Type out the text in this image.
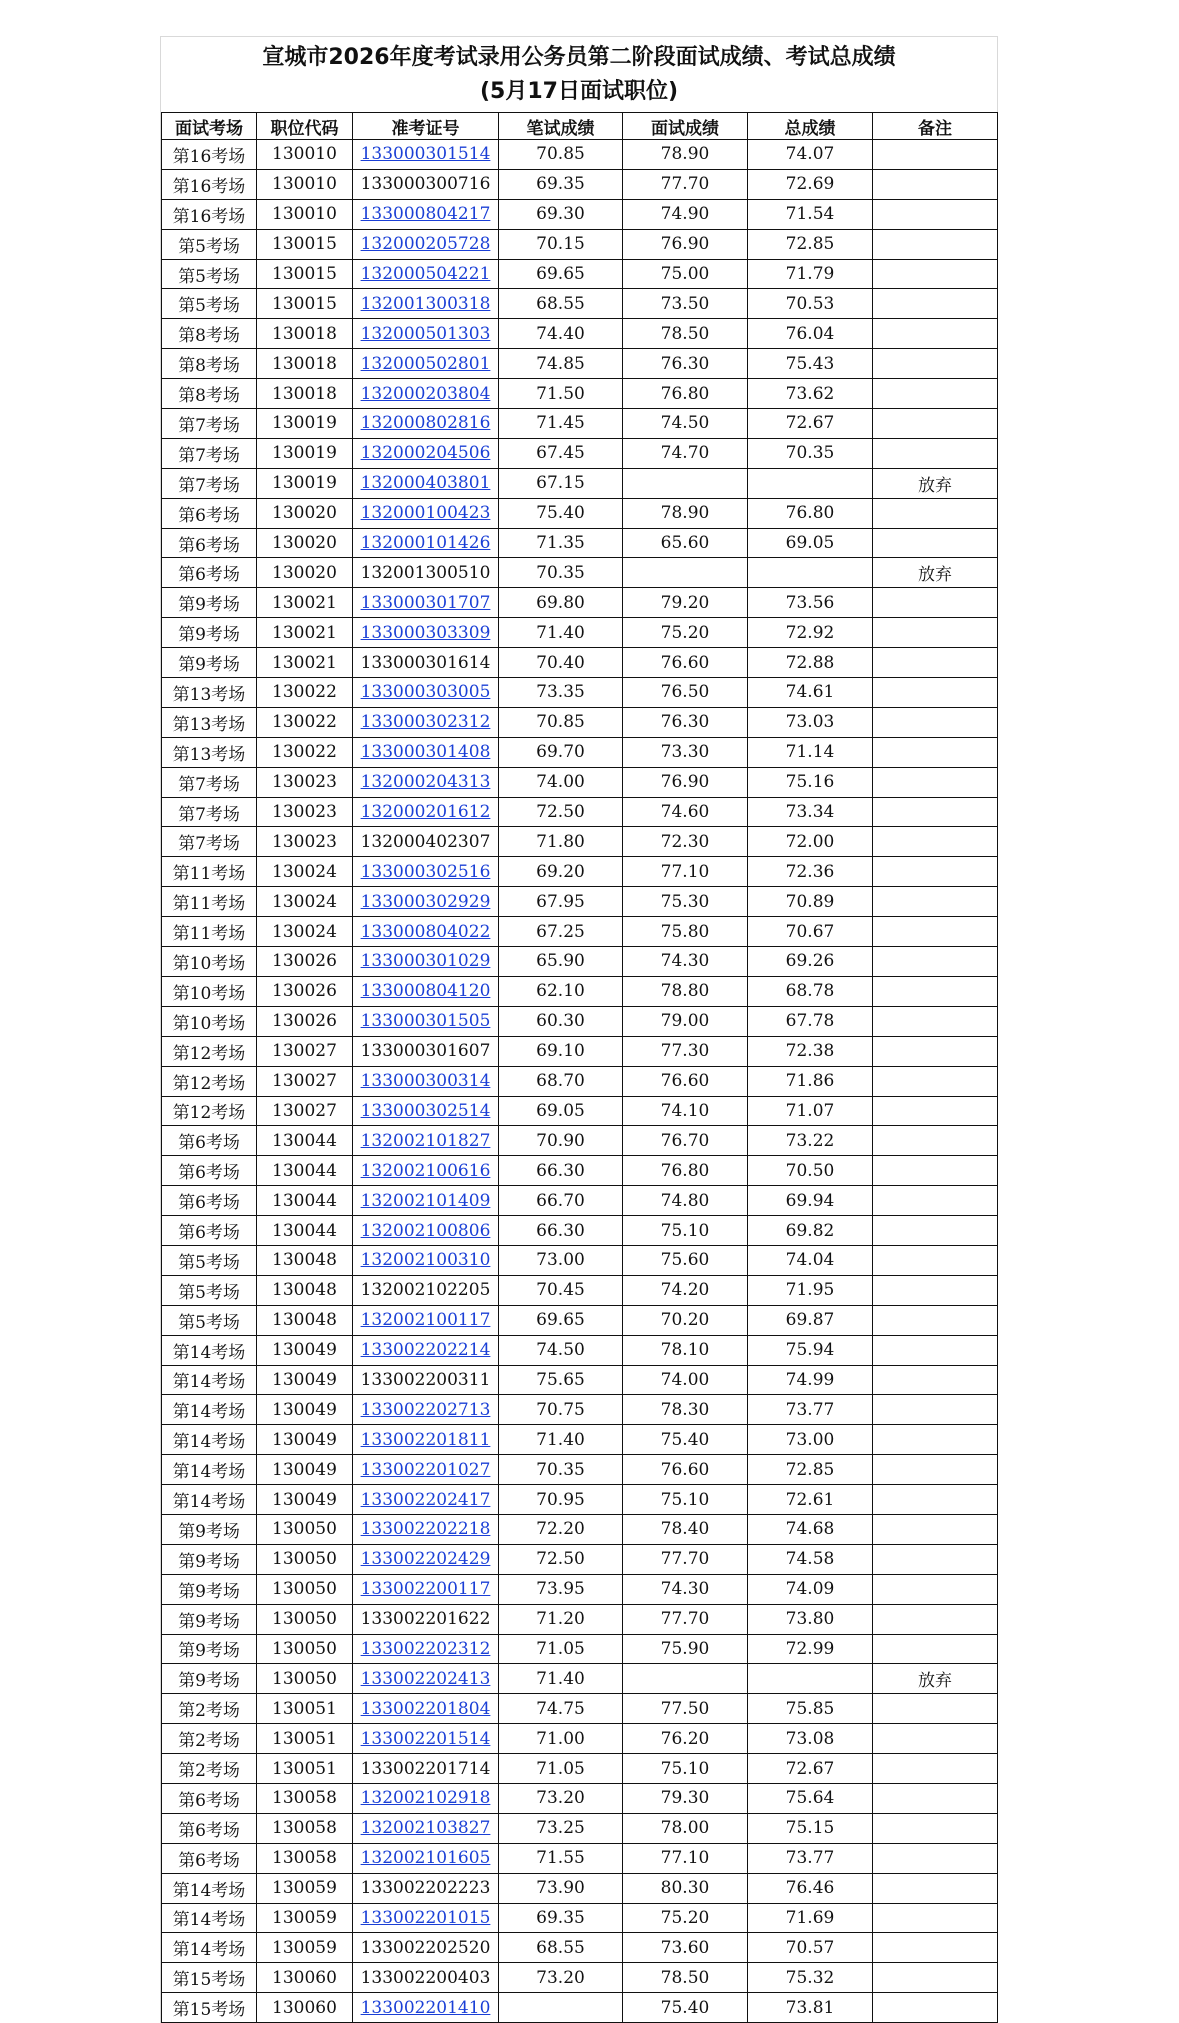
宣城市2026年度考试录用公务员第二阶段面试成绩、考试总成绩
(5月17日面试职位)
面试考场	职位代码	准考证号	笔试成绩	面试成绩	总成绩	备注
第16考场	130010	133000301514	70.85	78.90	74.07	
第16考场	130010	133000300716	69.35	77.70	72.69	
第16考场	130010	133000804217	69.30	74.90	71.54	
第5考场	130015	132000205728	70.15	76.90	72.85	
第5考场	130015	132000504221	69.65	75.00	71.79	
第5考场	130015	132001300318	68.55	73.50	70.53	
第8考场	130018	132000501303	74.40	78.50	76.04	
第8考场	130018	132000502801	74.85	76.30	75.43	
第8考场	130018	132000203804	71.50	76.80	73.62	
第7考场	130019	132000802816	71.45	74.50	72.67	
第7考场	130019	132000204506	67.45	74.70	70.35	
第7考场	130019	132000403801	67.15			放弃
第6考场	130020	132000100423	75.40	78.90	76.80	
第6考场	130020	132000101426	71.35	65.60	69.05	
第6考场	130020	132001300510	70.35			放弃
第9考场	130021	133000301707	69.80	79.20	73.56	
第9考场	130021	133000303309	71.40	75.20	72.92	
第9考场	130021	133000301614	70.40	76.60	72.88	
第13考场	130022	133000303005	73.35	76.50	74.61	
第13考场	130022	133000302312	70.85	76.30	73.03	
第13考场	130022	133000301408	69.70	73.30	71.14	
第7考场	130023	132000204313	74.00	76.90	75.16	
第7考场	130023	132000201612	72.50	74.60	73.34	
第7考场	130023	132000402307	71.80	72.30	72.00	
第11考场	130024	133000302516	69.20	77.10	72.36	
第11考场	130024	133000302929	67.95	75.30	70.89	
第11考场	130024	133000804022	67.25	75.80	70.67	
第10考场	130026	133000301029	65.90	74.30	69.26	
第10考场	130026	133000804120	62.10	78.80	68.78	
第10考场	130026	133000301505	60.30	79.00	67.78	
第12考场	130027	133000301607	69.10	77.30	72.38	
第12考场	130027	133000300314	68.70	76.60	71.86	
第12考场	130027	133000302514	69.05	74.10	71.07	
第6考场	130044	132002101827	70.90	76.70	73.22	
第6考场	130044	132002100616	66.30	76.80	70.50	
第6考场	130044	132002101409	66.70	74.80	69.94	
第6考场	130044	132002100806	66.30	75.10	69.82	
第5考场	130048	132002100310	73.00	75.60	74.04	
第5考场	130048	132002102205	70.45	74.20	71.95	
第5考场	130048	132002100117	69.65	70.20	69.87	
第14考场	130049	133002202214	74.50	78.10	75.94	
第14考场	130049	133002200311	75.65	74.00	74.99	
第14考场	130049	133002202713	70.75	78.30	73.77	
第14考场	130049	133002201811	71.40	75.40	73.00	
第14考场	130049	133002201027	70.35	76.60	72.85	
第14考场	130049	133002202417	70.95	75.10	72.61	
第9考场	130050	133002202218	72.20	78.40	74.68	
第9考场	130050	133002202429	72.50	77.70	74.58	
第9考场	130050	133002200117	73.95	74.30	74.09	
第9考场	130050	133002201622	71.20	77.70	73.80	
第9考场	130050	133002202312	71.05	75.90	72.99	
第9考场	130050	133002202413	71.40			放弃
第2考场	130051	133002201804	74.75	77.50	75.85	
第2考场	130051	133002201514	71.00	76.20	73.08	
第2考场	130051	133002201714	71.05	75.10	72.67	
第6考场	130058	132002102918	73.20	79.30	75.64	
第6考场	130058	132002103827	73.25	78.00	75.15	
第6考场	130058	132002101605	71.55	77.10	73.77	
第14考场	130059	133002202223	73.90	80.30	76.46	
第14考场	130059	133002201015	69.35	75.20	71.69	
第14考场	130059	133002202520	68.55	73.60	70.57	
第15考场	130060	133002200403	73.20	78.50	75.32	
第15考场	130060	133002201410		75.40	73.81	
